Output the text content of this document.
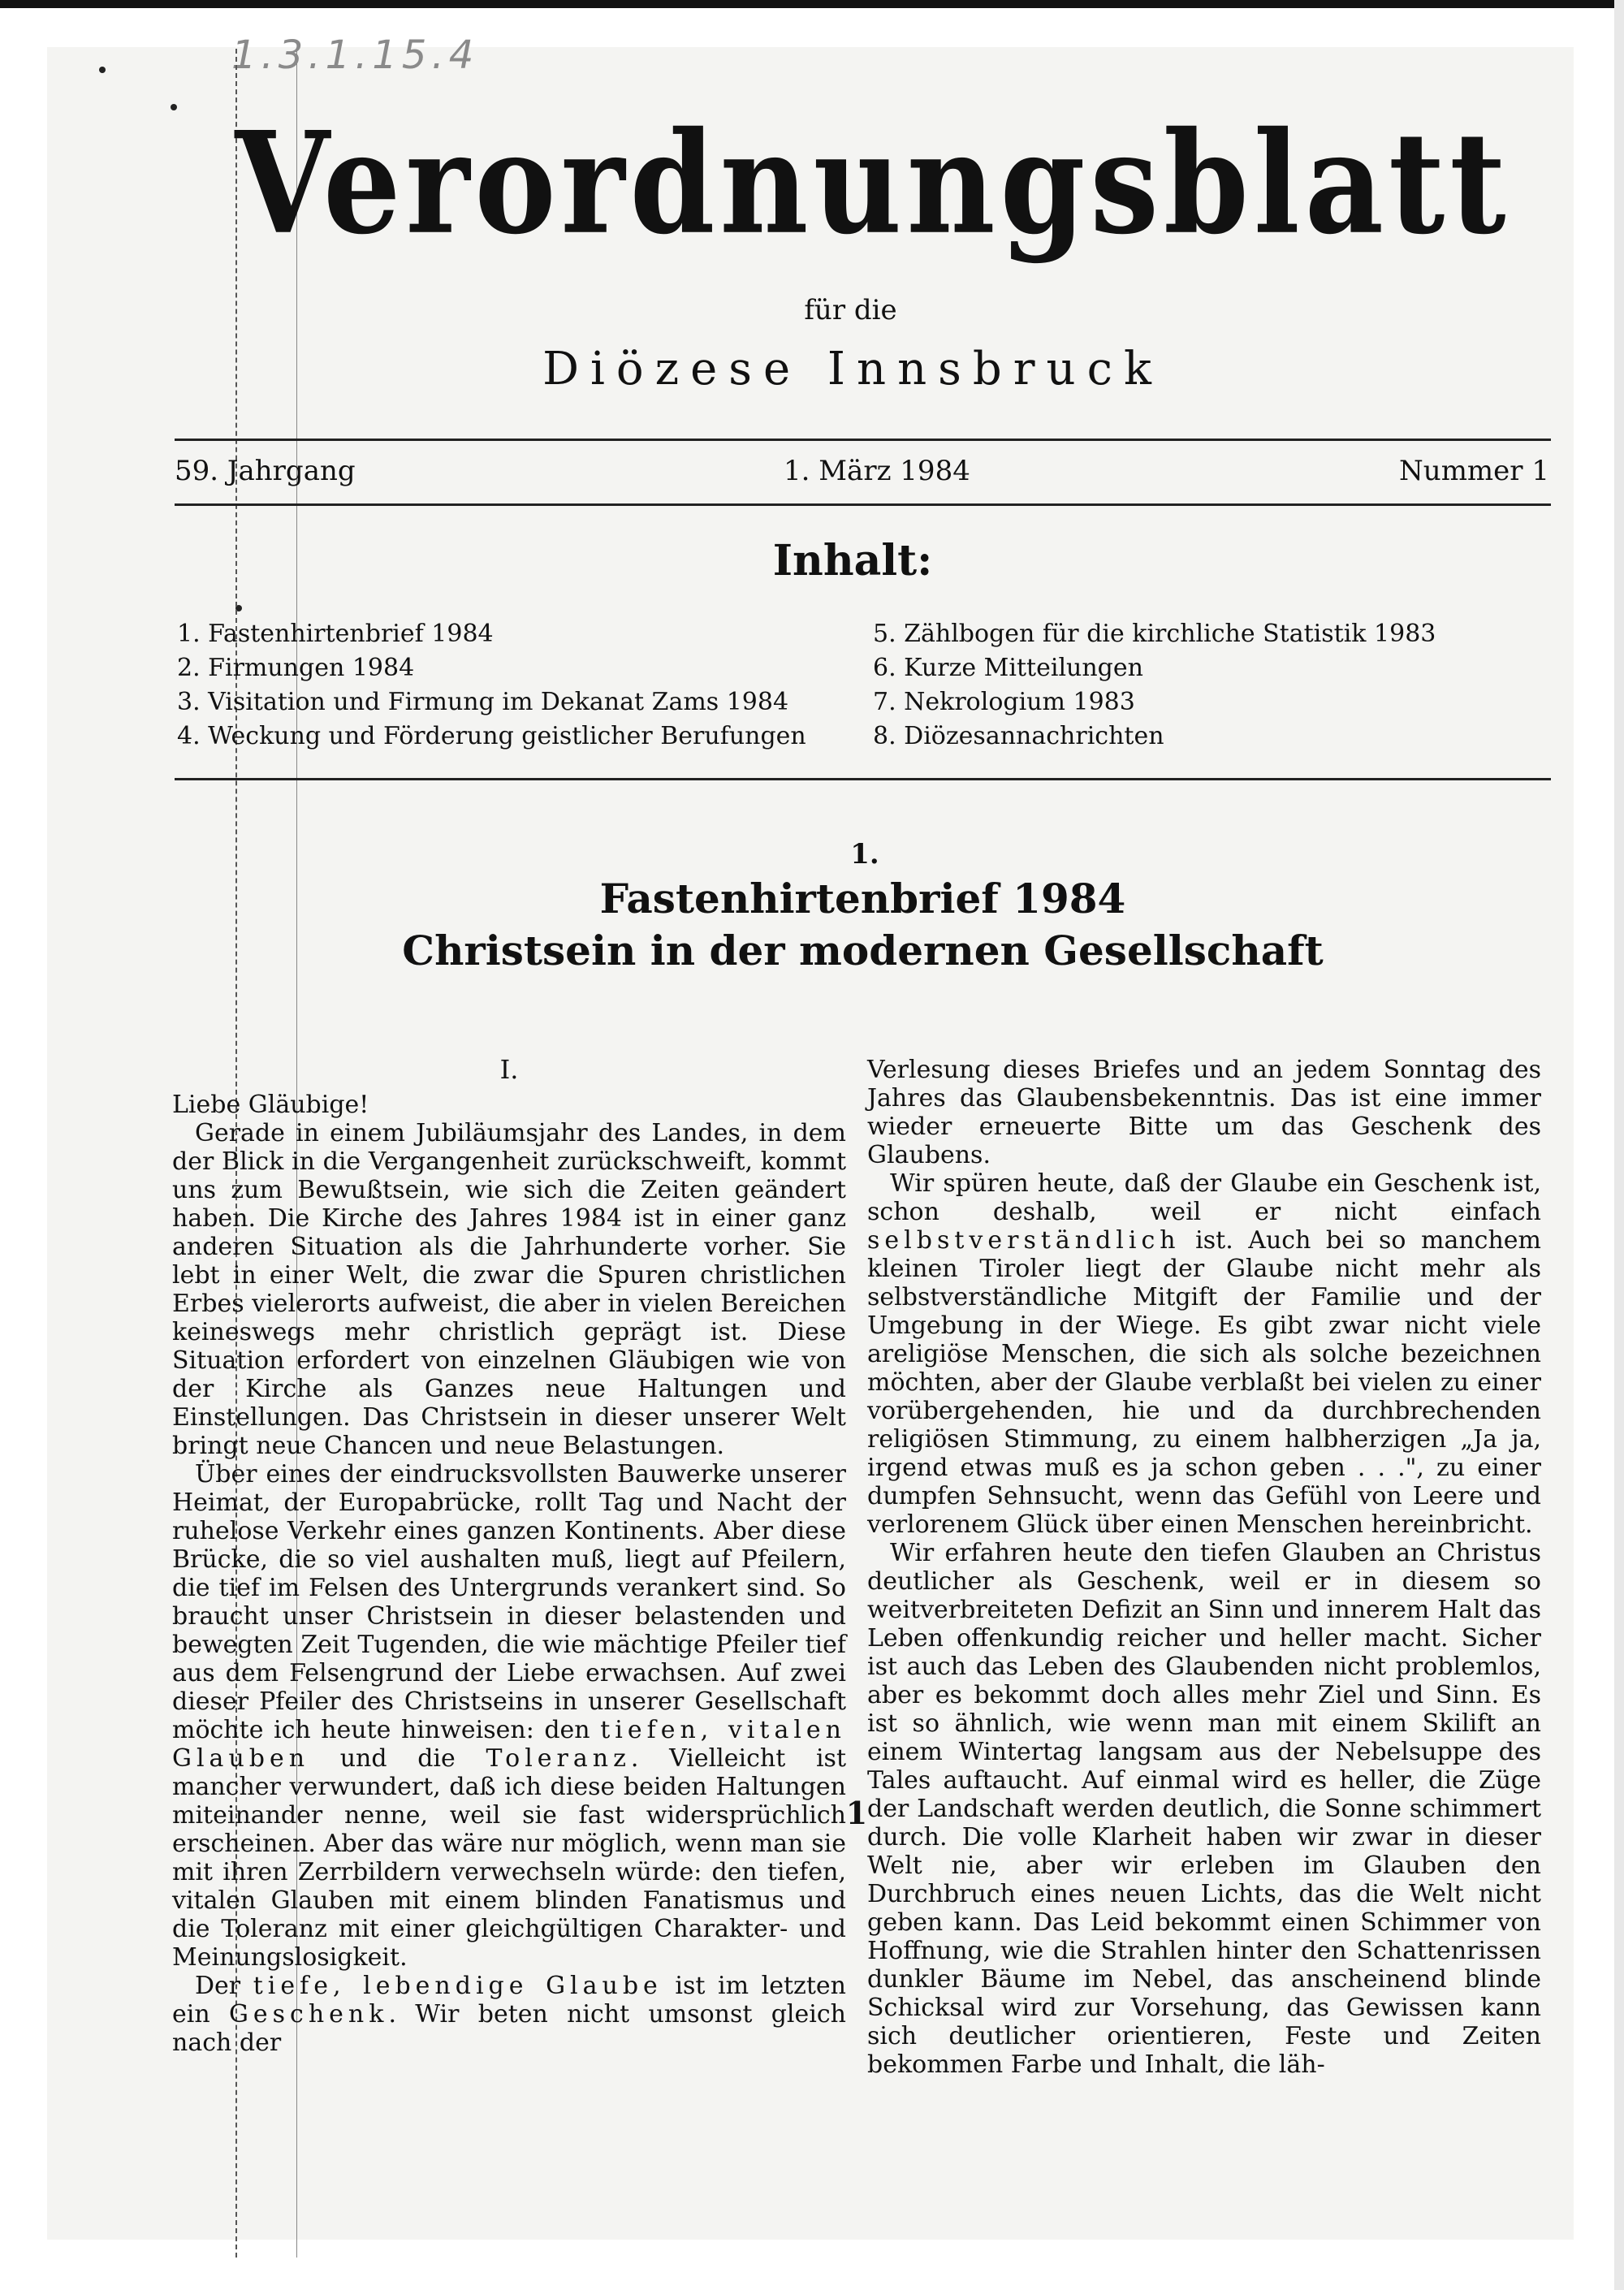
1.3.1.15.4
Verordnungsblatt
für die
Diözese Innsbruck
59. Jahrgang	1. März 1984	Nummer 1
Inhalt:
1. Fastenhirtenbrief 1984
2. Firmungen 1984
3. Visitation und Firmung im Dekanat Zams 1984
4. Weckung und Förderung geistlicher Berufungen
5. Zählbogen für die kirchliche Statistik 1983
6. Kurze Mitteilungen
7. Nekrologium 1983
8. Diözesannachrichten
1.
Fastenhirtenbrief 1984
Christsein in der modernen Gesellschaft
I.

Liebe Gläubige!

Gerade in einem Jubiläumsjahr des Landes, in dem der Blick in die Vergangenheit zurückschweift, kommt uns zum Bewußtsein, wie sich die Zeiten geändert haben. Die Kirche des Jahres 1984 ist in einer ganz anderen Situation als die Jahrhunderte vorher. Sie lebt in einer Welt, die zwar die Spuren christlichen Erbes vielerorts aufweist, die aber in vielen Bereichen keineswegs mehr christlich geprägt ist. Diese Situation erfordert von einzelnen Gläubigen wie von der Kirche als Ganzes neue Haltungen und Einstellungen. Das Christsein in dieser unserer Welt bringt neue Chancen und neue Belastungen.

Über eines der eindrucksvollsten Bauwerke unserer Heimat, der Europabrücke, rollt Tag und Nacht der ruhelose Verkehr eines ganzen Kontinents. Aber diese Brücke, die so viel aushalten muß, liegt auf Pfeilern, die tief im Felsen des Untergrunds verankert sind. So braucht unser Christsein in dieser belastenden und bewegten Zeit Tugenden, die wie mächtige Pfeiler tief aus dem Felsengrund der Liebe erwachsen. Auf zwei dieser Pfeiler des Christseins in unserer Gesellschaft möchte ich heute hinweisen: den tiefen, vitalen Glauben und die Toleranz. Vielleicht ist mancher verwundert, daß ich diese beiden Haltungen miteinander nenne, weil sie fast widersprüchlich erscheinen. Aber das wäre nur möglich, wenn man sie mit ihren Zerrbildern verwechseln würde: den tiefen, vitalen Glauben mit einem blinden Fanatismus und die Toleranz mit einer gleichgültigen Charakter- und Meinungslosigkeit.

Der tiefe, lebendige Glaube ist im letzten ein Geschenk. Wir beten nicht umsonst gleich nach der

Verlesung dieses Briefes und an jedem Sonntag des Jahres das Glaubensbekenntnis. Das ist eine immer wieder erneuerte Bitte um das Geschenk des Glaubens.

Wir spüren heute, daß der Glaube ein Geschenk ist, schon deshalb, weil er nicht einfach selbstverständlich ist. Auch bei so manchem kleinen Tiroler liegt der Glaube nicht mehr als selbstverständliche Mitgift der Familie und der Umgebung in der Wiege. Es gibt zwar nicht viele areligiöse Menschen, die sich als solche bezeichnen möchten, aber der Glaube verblaßt bei vielen zu einer vorübergehenden, hie und da durchbrechenden religiösen Stimmung, zu einem halbherzigen „Ja ja, irgend etwas muß es ja schon geben . . .", zu einer dumpfen Sehnsucht, wenn das Gefühl von Leere und verlorenem Glück über einen Menschen hereinbricht.

Wir erfahren heute den tiefen Glauben an Christus deutlicher als Geschenk, weil er in diesem so weitverbreiteten Defizit an Sinn und innerem Halt das Leben offenkundig reicher und heller macht. Sicher ist auch das Leben des Glaubenden nicht problemlos, aber es bekommt doch alles mehr Ziel und Sinn. Es ist so ähnlich, wie wenn man mit einem Skilift an einem Wintertag langsam aus der Nebelsuppe des Tales auftaucht. Auf einmal wird es heller, die Züge der Landschaft werden deutlich, die Sonne schimmert durch. Die volle Klarheit haben wir zwar in dieser Welt nie, aber wir erleben im Glauben den Durchbruch eines neuen Lichts, das die Welt nicht geben kann. Das Leid bekommt einen Schimmer von Hoffnung, wie die Strahlen hinter den Schattenrissen dunkler Bäume im Nebel, das anscheinend blinde Schicksal wird zur Vorsehung, das Gewissen kann sich deutlicher orientieren, Feste und Zeiten bekommen Farbe und Inhalt, die läh-

1
